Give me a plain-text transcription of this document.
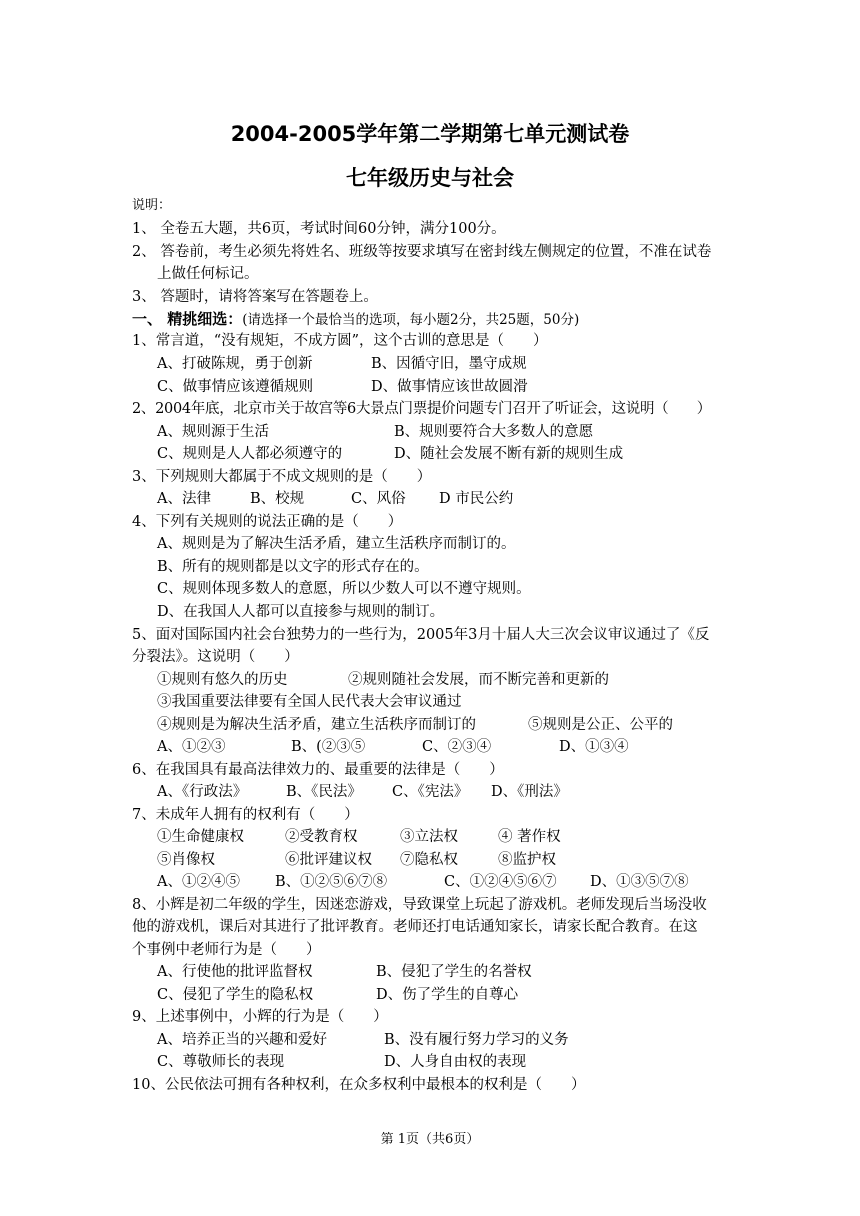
2004-2005学年第二学期第七单元测试卷
七年级历史与社会
说明：
1、 全卷五大题，共6页，考试时间60分钟，满分100分。
2、 答卷前，考生必须先将姓名、班级等按要求填写在密封线左侧规定的位置，不准在试卷
上做任何标记。
3、 答题时，请将答案写在答题卷上。
一、 精挑细选：(请选择一个最恰当的选项，每小题2分，共25题，50分)
1、常言道，“没有规矩，不成方圆”，这个古训的意思是（　　）
A、打破陈规，勇于创新	B、因循守旧，墨守成规
C、做事情应该遵循规则	D、做事情应该世故圆滑
2、2004年底，北京市关于故宫等6大景点门票提价问题专门召开了听证会，这说明（　　）
A、规则源于生活	B、规则要符合大多数人的意愿
C、规则是人人都必须遵守的	D、随社会发展不断有新的规则生成
3、下列规则大都属于不成文规则的是（　　）
A、法律	B、校规	C、风俗 D 市民公约
4、下列有关规则的说法正确的是（　　）
A、规则是为了解决生活矛盾，建立生活秩序而制订的。
B、所有的规则都是以文字的形式存在的。
C、规则体现多数人的意愿，所以少数人可以不遵守规则。
D、在我国人人都可以直接参与规则的制订。
5、面对国际国内社会台独势力的一些行为，2005年3月十届人大三次会议审议通过了《反
分裂法》。这说明（　　）
①规则有悠久的历史	②规则随社会发展，而不断完善和更新的
③我国重要法律要有全国人民代表大会审议通过
④规则是为解决生活矛盾，建立生活秩序而制订的	⑤规则是公正、公平的
A、①②③	B、(②③⑤	C、②③④	D、①③④
6、在我国具有最高法律效力的、最重要的法律是（　　）
A、《行政法》	B、《民法》 C、《宪法》 D、《刑法》
7、未成年人拥有的权利有（　　）
①生命健康权	②受教育权	③立法权	④ 著作权
⑤肖像权	⑥批评建议权 ⑦隐私权	⑧监护权
A、①②④⑤ B、①②⑤⑥⑦⑧	C、①②④⑤⑥⑦ D、①③⑤⑦⑧
8、小辉是初二年级的学生，因迷恋游戏，导致课堂上玩起了游戏机。老师发现后当场没收
他的游戏机，课后对其进行了批评教育。老师还打电话通知家长，请家长配合教育。在这
个事例中老师行为是（　　）
A、行使他的批评监督权	B、侵犯了学生的名誉权
C、侵犯了学生的隐私权	D、伤了学生的自尊心
9、上述事例中，小辉的行为是（　　）
A、培养正当的兴趣和爱好	B、没有履行努力学习的义务
C、尊敬师长的表现	D、人身自由权的表现
10、公民依法可拥有各种权利，在众多权利中最根本的权利是（　　）
第 1页（共6页）
